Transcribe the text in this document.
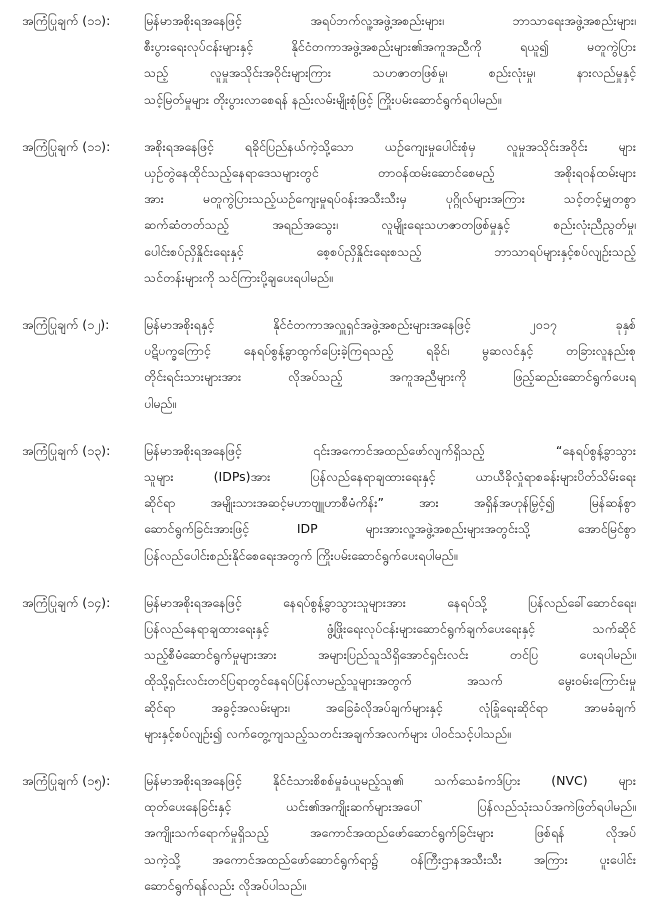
အကြံပြုချက် (၁၁):	မြန်မာအစိုးရအနေဖြင့် အရပ်ဘက်လူ့အဖွဲ့အစည်းများ၊ ဘာသာရေးအဖွဲ့အစည်းများ၊
စီးပွားရေးလုပ်ငန်းများနှင့် နိုင်ငံတကာအဖွဲ့အစည်းများ၏အကူအညီကို ရယူ၍ မတူကွဲပြား
သည့် လူမှုအသိုင်းအဝိုင်းများကြား သဟဇာတဖြစ်မှု၊ စည်းလုံးမှု၊ နားလည်မှုနှင့်
သင့်မြတ်မှုများ တိုးပွားလာစေရန် နည်းလမ်းမျိုးစုံဖြင့် ကြိုးပမ်းဆောင်ရွက်ရပါမည်။
အကြံပြုချက် (၁၁):	အစိုးရအနေဖြင့် ရခိုင်ပြည်နယ်ကဲ့သို့သော ယဉ်ကျေးမှုပေါင်းစုံမှ လူမှုအသိုင်းအဝိုင်း များ
ယှဉ်တွဲနေထိုင်သည့်နေရာဒေသများတွင် တာဝန်ထမ်းဆောင်စေမည့် အစိုးရဝန်ထမ်းများ
အား မတူကွဲပြားသည့်ယဉ်ကျေးမှုရပ်ဝန်းအသီးသီးမှ ပုဂ္ဂိုလ်များအကြား သင့်တင့်မျှတစွာ
ဆက်ဆံတတ်သည့် အရည်အသွေး၊ လူမျိုးရေးသဟဇာတဖြစ်မှုနှင့် စည်းလုံးညီညွတ်မှု၊
ပေါင်းစပ်ညှိနှိုင်းရေးနှင့် စေ့စပ်ညှိနှိုင်းရေးစသည့် ဘာသာရပ်များနှင့်စပ်လျဉ်းသည့်
သင်တန်းများကို သင်ကြားပို့ချပေးရပါမည်။
အကြံပြုချက် (၁၂):	မြန်မာအစိုးရနှင့် နိုင်ငံတကာအလှူရှင်အဖွဲ့အစည်းများအနေဖြင့် ၂၀၁၇ ခုနှစ်
ပဋိပက္ခကြောင့် နေရပ်စွန့်ခွာထွက်ပြေးခဲ့ကြရသည့် ရခိုင်၊ မွဆလင်နှင့် တခြားလူနည်းစု
တိုင်းရင်းသားများအား လိုအပ်သည့် အကူအညီများကို ဖြည့်ဆည်းဆောင်ရွက်ပေးရ
ပါမည်။
အကြံပြုချက် (၁၃):	မြန်မာအစိုးရအနေဖြင့် ၎င်းအကောင်အထည်ဖော်လျက်ရှိသည့် “နေရပ်စွန့်ခွာသွား
သူများ (IDPs)အား ပြန်လည်နေရာချထားရေးနှင့် ယာယီခိုလှုံရာစခန်းများပိတ်သိမ်းရေး
ဆိုင်ရာ အမျိုးသားအဆင့်မဟာဗျူဟာစီမံကိန်း” အား အရှိန်အဟုန်မြှင့်၍ မြန်ဆန်စွာ
ဆောင်ရွက်ခြင်းအားဖြင့် IDP များအားလူ့အဖွဲ့အစည်းများအတွင်းသို့ အောင်မြင်စွာ
ပြန်လည်ပေါင်းစည်းနိုင်စေရေးအတွက် ကြိုးပမ်းဆောင်ရွက်ပေးရပါမည်။
အကြံပြုချက် (၁၄):	မြန်မာအစိုးရအနေဖြင့် နေရပ်စွန့်ခွာသွားသူများအား နေရပ်သို့ ပြန်လည်ခေါ်ဆောင်ရေး၊
ပြန်လည်နေရာချထားရေးနှင့် ဖွံ့ဖြိုးရေးလုပ်ငန်းများဆောင်ရွက်ချက်ပေးရေးနှင့် သက်ဆိုင်
သည့်စီမံဆောင်ရွက်မှုများအား အများပြည်သူသိရှိအောင်ရှင်းလင်း တင်ပြ ပေးရပါမည်။
ထိုသို့ရှင်းလင်းတင်ပြရာတွင်နေရပ်ပြန်လာမည့်သူများအတွက် အသက် မွေးဝမ်းကြောင်းမှု
ဆိုင်ရာ အခွင့်အလမ်းများ၊ အခြေခံလိုအပ်ချက်များနှင့် လုံခြုံရေးဆိုင်ရာ အာမခံချက်
များနှင့်စပ်လျဉ်း၍ လက်တွေ့ကျသည့်သတင်းအချက်အလက်များ ပါဝင်သင့်ပါသည်။
အကြံပြုချက် (၁၅):	မြန်မာအစိုးရအနေဖြင့် နိုင်ငံသားစိစစ်မှုခံယူမည့်သူ၏ သက်သေခံကဒ်ပြား (NVC) များ
ထုတ်ပေးနေခြင်းနှင့် ယင်း၏အကျိုးဆက်များအပေါ် ပြန်လည်သုံးသပ်အကဲဖြတ်ရပါမည်။
အကျိုးသက်ရောက်မှုရှိသည့် အကောင်အထည်ဖော်ဆောင်ရွက်ခြင်းများ ဖြစ်ရန် လိုအပ်
သကဲ့သို့ အကောင်အထည်ဖော်ဆောင်ရွက်ရာ၌ ဝန်ကြီးဌာနအသီးသီး အကြား ပူးပေါင်း
ဆောင်ရွက်ရန်လည်း လိုအပ်ပါသည်။
